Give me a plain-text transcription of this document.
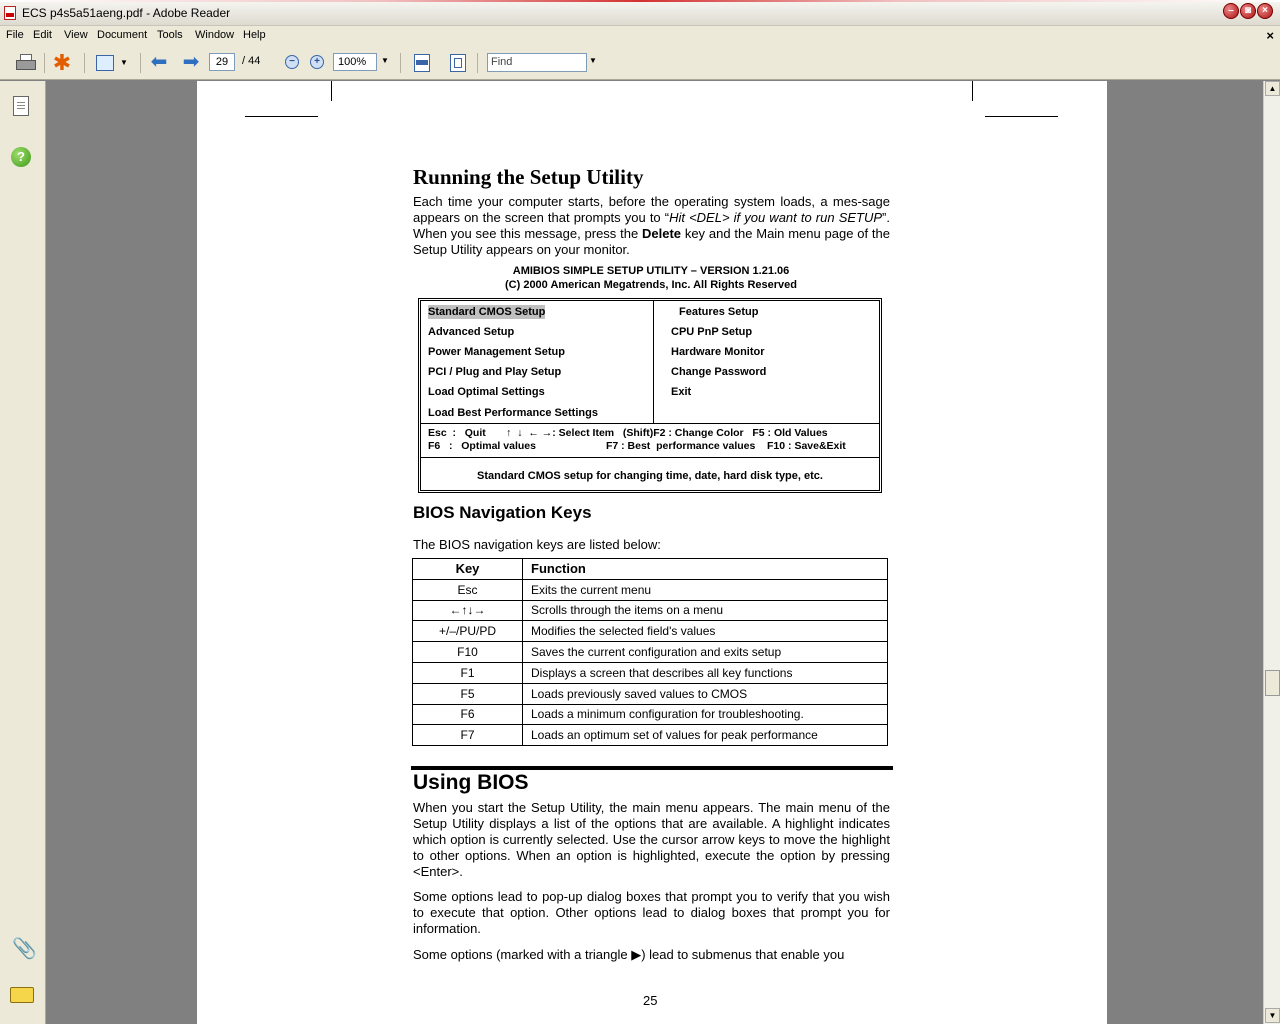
ECS p4s5a51aeng.pdf - Adobe Reader	–	◙	×
File Edit View Document Tools Window Help	×
✱	▼ ⬅ ➡	29	/ 44	−	+	100%	▼	Find	▼
?
📎
▲
▼
Running the Setup Utility
Each time your computer starts, before the operating system loads, a mes-sage appears on the screen that prompts you to “Hit <DEL> if you want to run SETUP”. When you see this message, press the Delete key and the Main menu page of the Setup Utility appears on your monitor.
AMIBIOS SIMPLE SETUP UTILITY – VERSION 1.21.06
(C) 2000 American Megatrends, Inc. All Rights Reserved
Standard CMOS Setup
Advanced Setup
Power Management Setup
PCI / Plug and Play Setup
Load Optimal Settings
Load Best Performance Settings
Features Setup
CPU PnP Setup
Hardware Monitor
Change Password
Exit
Esc  :   Quit       ↑  ↓  ← →: Select Item   (Shift)F2 : Change Color   F5 : Old Values
F6   :   Optimal values                        F7 : Best  performance values    F10 : Save&Exit
Standard CMOS setup for changing time, date, hard disk type, etc.
BIOS Navigation Keys
The BIOS navigation keys are listed below:
Key	Function
Esc	Exits the current menu
←↑↓→	Scrolls through the items on a menu
+/–/PU/PD	Modifies the selected field's values
F10	Saves the current configuration and exits setup
F1	Displays a screen that describes all key functions
F5	Loads previously saved values to CMOS
F6	Loads a minimum configuration for troubleshooting.
F7	Loads an optimum set of values for peak performance
Using BIOS
When you start the Setup Utility, the main menu appears. The main menu of the Setup Utility displays a list of the options that are available. A highlight indicates which option is currently selected. Use the cursor arrow keys to move the highlight to other options. When an option is highlighted, execute the option by pressing <Enter>.
Some options lead to pop-up dialog boxes that prompt you to verify that you wish to execute that option. Other options lead to dialog boxes that prompt you for information.
Some options (marked with a triangle ▶) lead to submenus that enable you
25
